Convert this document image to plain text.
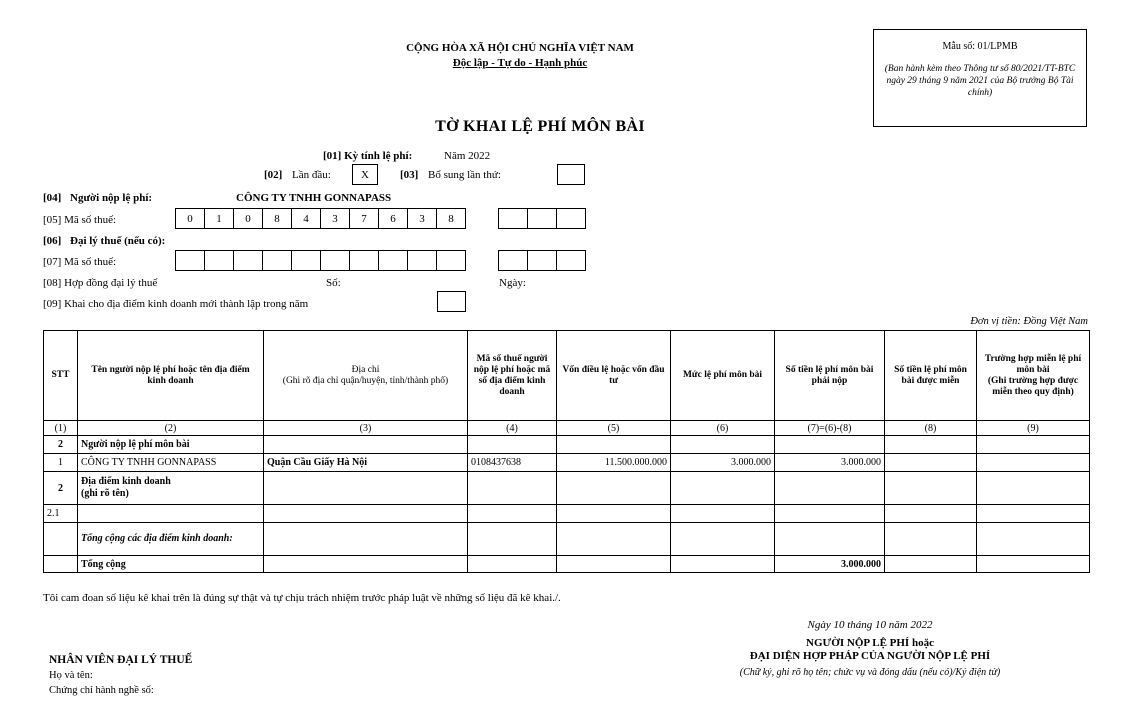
CỘNG HÒA XÃ HỘI CHỦ NGHĨA VIỆT NAM
Độc lập - Tự do - Hạnh phúc
Mẫu số: 01/LPMB
(Ban hành kèm theo Thông tư số 80/2021/TT-BTC ngày 29 tháng 9 năm 2021 của Bộ trưởng Bộ Tài chính)
TỜ KHAI LỆ PHÍ MÔN BÀI
[01] Kỳ tính lệ phí:	Năm 2022
[02] Lần đầu:	X	[03] Bổ sung lần thứ:
[04] Người nộp lệ phí:	CÔNG TY TNHH GONNAPASS
[05] Mã số thuế:	0	1	0	8	4	3	7	6	3	8
[06] Đại lý thuế (nếu có):
[07] Mã số thuế:
[08] Hợp đồng đại lý thuế	Số:	Ngày:
[09] Khai cho địa điểm kinh doanh mới thành lập trong năm
Đơn vị tiền: Đồng Việt Nam
STT	Tên người nộp lệ phí hoặc tên địa điểm kinh doanh	Địa chỉ
(Ghi rõ địa chỉ quận/huyện, tỉnh/thành phố)	Mã số thuế người nộp lệ phí hoặc mã số địa điểm kinh doanh	Vốn điều lệ hoặc vốn đầu tư	Mức lệ phí môn bài	Số tiền lệ phí môn bài phải nộp	Số tiền lệ phí môn bài được miễn	Trường hợp miễn lệ phí môn bài
(Ghi trường hợp được miễn theo quy định)
(1)	(2)	(3)	(4)	(5)	(6)	(7)=(6)-(8)	(8)	(9)
2	Người nộp lệ phí môn bài							
1	CÔNG TY TNHH GONNAPASS	Quận Cầu Giấy Hà Nội	0108437638	11.500.000.000	3.000.000	3.000.000		
2	Địa điểm kinh doanh
(ghi rõ tên)							
2.1								
	Tổng cộng các địa điểm kinh doanh:							
	Tổng cộng					3.000.000		
Tôi cam đoan số liệu kê khai trên là đúng sự thật và tự chịu trách nhiệm trước pháp luật về những số liệu đã kê khai./.
Ngày 10 tháng 10 năm 2022
NGƯỜI NỘP LỆ PHÍ hoặc
ĐẠI DIỆN HỢP PHÁP CỦA NGƯỜI NỘP LỆ PHÍ
(Chữ ký, ghi rõ họ tên; chức vụ và đóng dấu (nếu có)/Ký điện tử)
NHÂN VIÊN ĐẠI LÝ THUẾ
Họ và tên:
Chứng chỉ hành nghề số:
